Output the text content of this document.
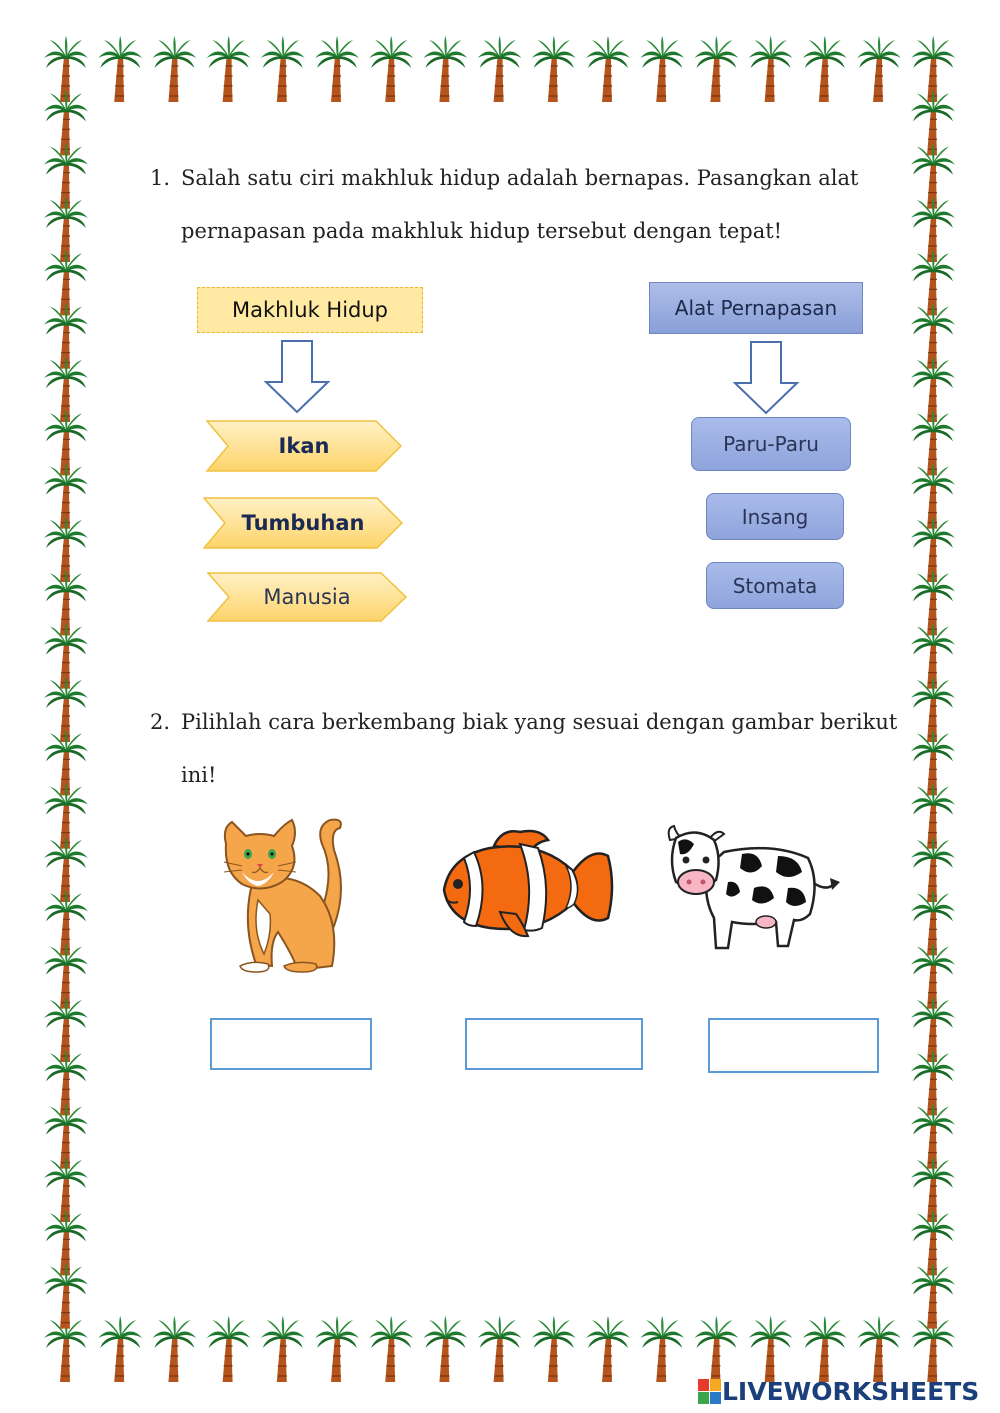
1. Salah satu ciri makhluk hidup adalah bernapas. Pasangkan alat
pernapasan pada makhluk hidup tersebut dengan tepat!
Makhluk Hidup	Alat Pernapasan
Ikan
Tumbuhan
Manusia
Paru-Paru
Insang
Stomata
2. Pilihlah cara berkembang biak yang sesuai dengan gambar berikut
ini!
LIVEWORKSHEETS
